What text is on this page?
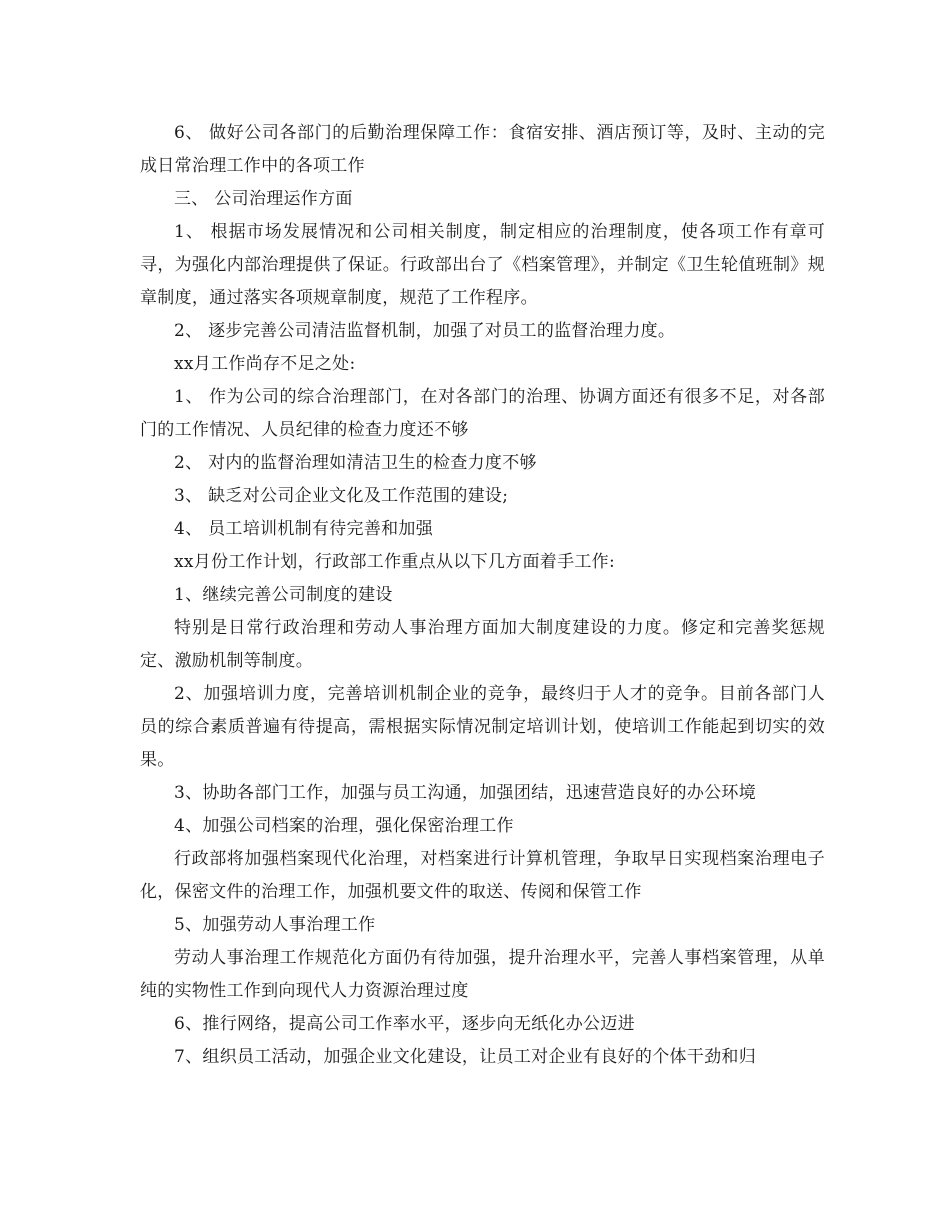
6、 做好公司各部门的后勤治理保障工作：食宿安排、酒店预订等，及时、主动的完成日常治理工作中的各项工作

三、 公司治理运作方面

1、 根据市场发展情况和公司相关制度，制定相应的治理制度，使各项工作有章可寻，为强化内部治理提供了保证。行政部出台了《档案管理》，并制定《卫生轮值班制》规章制度，通过落实各项规章制度，规范了工作程序。

2、 逐步完善公司清洁监督机制，加强了对员工的监督治理力度。

xx月工作尚存不足之处:

1、 作为公司的综合治理部门，在对各部门的治理、协调方面还有很多不足，对各部门的工作情况、人员纪律的检查力度还不够

2、 对内的监督治理如清洁卫生的检查力度不够

3、 缺乏对公司企业文化及工作范围的建设;

4、 员工培训机制有待完善和加强

xx月份工作计划，行政部工作重点从以下几方面着手工作:

1、继续完善公司制度的建设

特别是日常行政治理和劳动人事治理方面加大制度建设的力度。修定和完善奖惩规定、激励机制等制度。

2、加强培训力度，完善培训机制企业的竞争，最终归于人才的竞争。目前各部门人员的综合素质普遍有待提高，需根据实际情况制定培训计划，使培训工作能起到切实的效果。

3、协助各部门工作，加强与员工沟通，加强团结，迅速营造良好的办公环境

4、加强公司档案的治理，强化保密治理工作

行政部将加强档案现代化治理，对档案进行计算机管理，争取早日实现档案治理电子化，保密文件的治理工作，加强机要文件的取送、传阅和保管工作

5、加强劳动人事治理工作

劳动人事治理工作规范化方面仍有待加强，提升治理水平，完善人事档案管理，从单纯的实物性工作到向现代人力资源治理过度

6、推行网络，提高公司工作率水平，逐步向无纸化办公迈进

7、组织员工活动，加强企业文化建设，让员工对企业有良好的个体干劲和归
